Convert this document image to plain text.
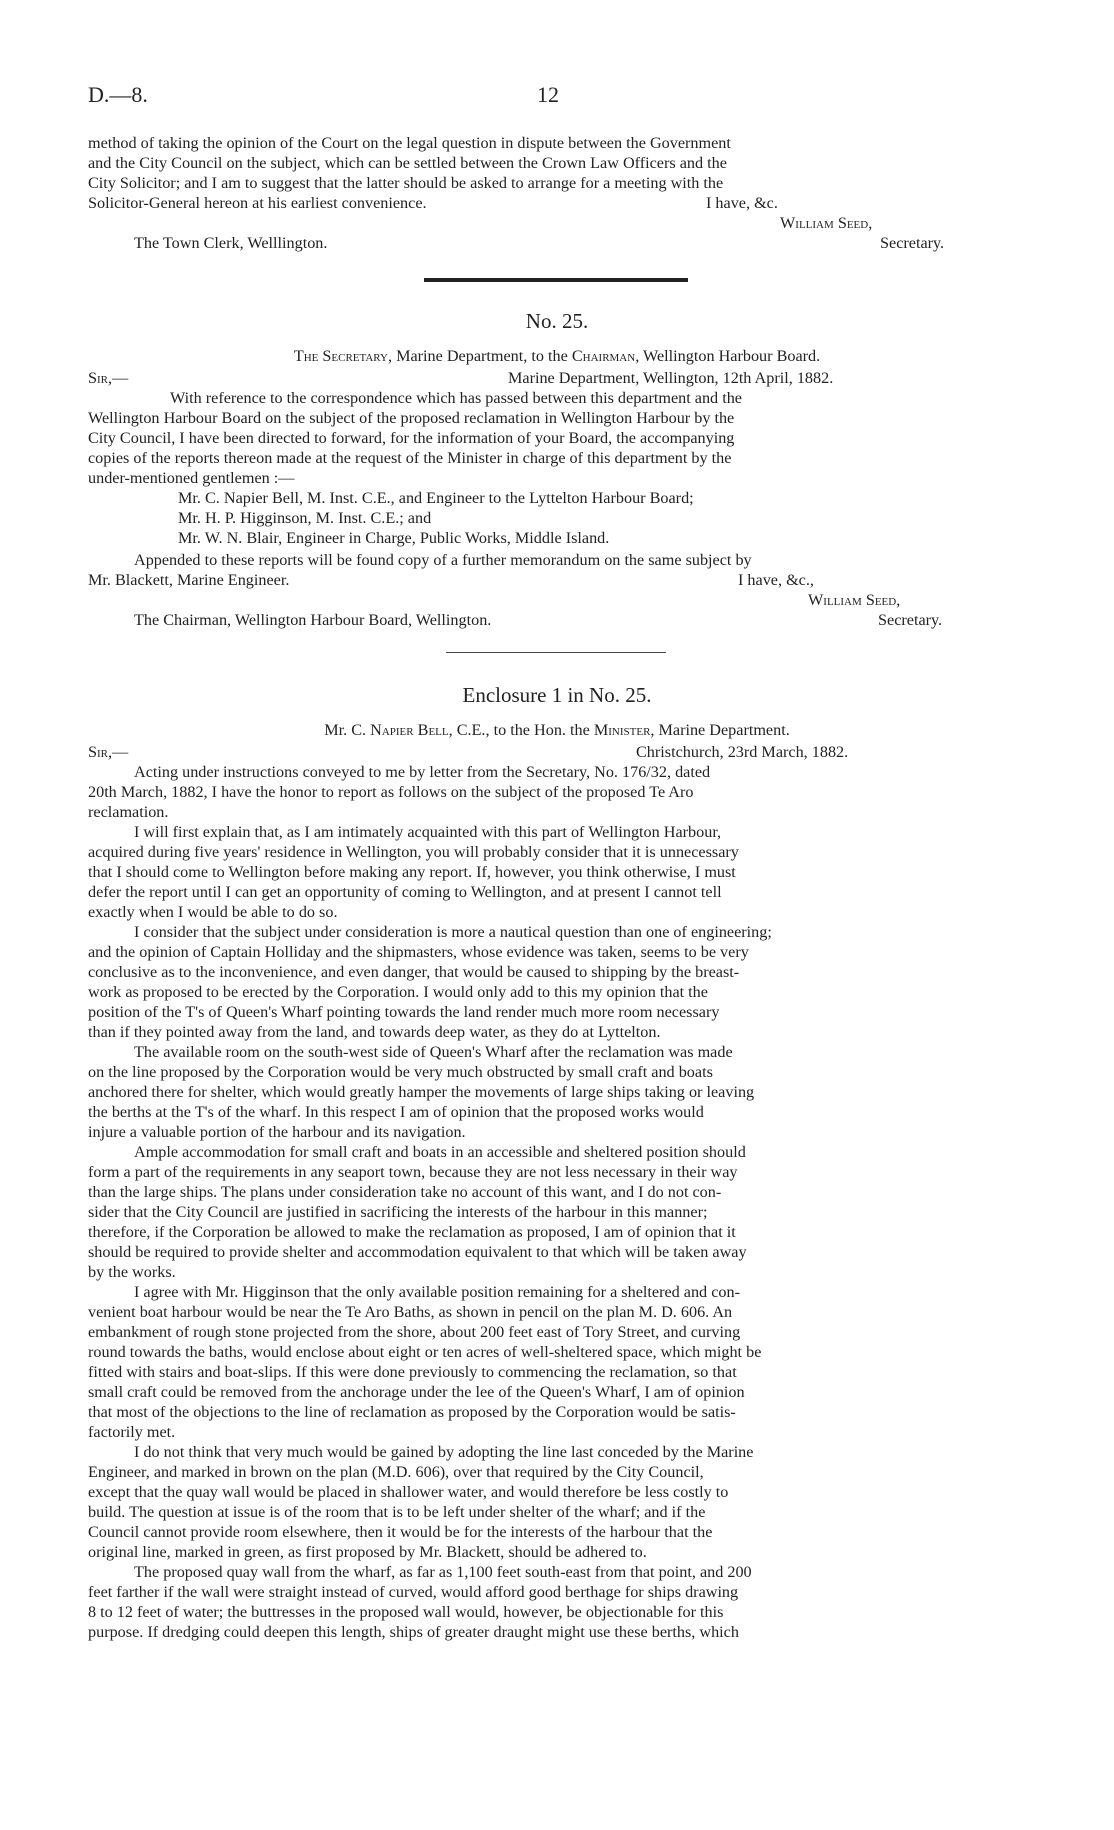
D.—8.	12
method of taking the opinion of the Court on the legal question in dispute between the Government
and the City Council on the subject, which can be settled between the Crown Law Officers and the
City Solicitor; and I am to suggest that the latter should be asked to arrange for a meeting with the
Solicitor-General hereon at his earliest convenience.	I have, &c.
William Seed,
The Town Clerk, Welllington.	Secretary.
No. 25.
The Secretary, Marine Department, to the Chairman, Wellington Harbour Board.
Sir,—	Marine Department, Wellington, 12th April, 1882.
With reference to the correspondence which has passed between this department and the
Wellington Harbour Board on the subject of the proposed reclamation in Wellington Harbour by the
City Council, I have been directed to forward, for the information of your Board, the accompanying
copies of the reports thereon made at the request of the Minister in charge of this department by the
under-mentioned gentlemen :—
Mr. C. Napier Bell, M. Inst. C.E., and Engineer to the Lyttelton Harbour Board;
Mr. H. P. Higginson, M. Inst. C.E.; and
Mr. W. N. Blair, Engineer in Charge, Public Works, Middle Island.
Appended to these reports will be found copy of a further memorandum on the same subject by
Mr. Blackett, Marine Engineer.	I have, &c.,
William Seed,
The Chairman, Wellington Harbour Board, Wellington.	Secretary.
Enclosure 1 in No. 25.
Mr. C. Napier Bell, C.E., to the Hon. the Minister, Marine Department.
Sir,—	Christchurch, 23rd March, 1882.
Acting under instructions conveyed to me by letter from the Secretary, No. 176/32, dated
20th March, 1882, I have the honor to report as follows on the subject of the proposed Te Aro
reclamation.
I will first explain that, as I am intimately acquainted with this part of Wellington Harbour,
acquired during five years' residence in Wellington, you will probably consider that it is unnecessary
that I should come to Wellington before making any report. If, however, you think otherwise, I must
defer the report until I can get an opportunity of coming to Wellington, and at present I cannot tell
exactly when I would be able to do so.
I consider that the subject under consideration is more a nautical question than one of engineering;
and the opinion of Captain Holliday and the shipmasters, whose evidence was taken, seems to be very
conclusive as to the inconvenience, and even danger, that would be caused to shipping by the breast-
work as proposed to be erected by the Corporation. I would only add to this my opinion that the
position of the T's of Queen's Wharf pointing towards the land render much more room necessary
than if they pointed away from the land, and towards deep water, as they do at Lyttelton.
The available room on the south-west side of Queen's Wharf after the reclamation was made
on the line proposed by the Corporation would be very much obstructed by small craft and boats
anchored there for shelter, which would greatly hamper the movements of large ships taking or leaving
the berths at the T's of the wharf. In this respect I am of opinion that the proposed works would
injure a valuable portion of the harbour and its navigation.
Ample accommodation for small craft and boats in an accessible and sheltered position should
form a part of the requirements in any seaport town, because they are not less necessary in their way
than the large ships. The plans under consideration take no account of this want, and I do not con-
sider that the City Council are justified in sacrificing the interests of the harbour in this manner;
therefore, if the Corporation be allowed to make the reclamation as proposed, I am of opinion that it
should be required to provide shelter and accommodation equivalent to that which will be taken away
by the works.
I agree with Mr. Higginson that the only available position remaining for a sheltered and con-
venient boat harbour would be near the Te Aro Baths, as shown in pencil on the plan M. D. 606. An
embankment of rough stone projected from the shore, about 200 feet east of Tory Street, and curving
round towards the baths, would enclose about eight or ten acres of well-sheltered space, which might be
fitted with stairs and boat-slips. If this were done previously to commencing the reclamation, so that
small craft could be removed from the anchorage under the lee of the Queen's Wharf, I am of opinion
that most of the objections to the line of reclamation as proposed by the Corporation would be satis-
factorily met.
I do not think that very much would be gained by adopting the line last conceded by the Marine
Engineer, and marked in brown on the plan (M.D. 606), over that required by the City Council,
except that the quay wall would be placed in shallower water, and would therefore be less costly to
build. The question at issue is of the room that is to be left under shelter of the wharf; and if the
Council cannot provide room elsewhere, then it would be for the interests of the harbour that the
original line, marked in green, as first proposed by Mr. Blackett, should be adhered to.
The proposed quay wall from the wharf, as far as 1,100 feet south-east from that point, and 200
feet farther if the wall were straight instead of curved, would afford good berthage for ships drawing
8 to 12 feet of water; the buttresses in the proposed wall would, however, be objectionable for this
purpose. If dredging could deepen this length, ships of greater draught might use these berths, which
